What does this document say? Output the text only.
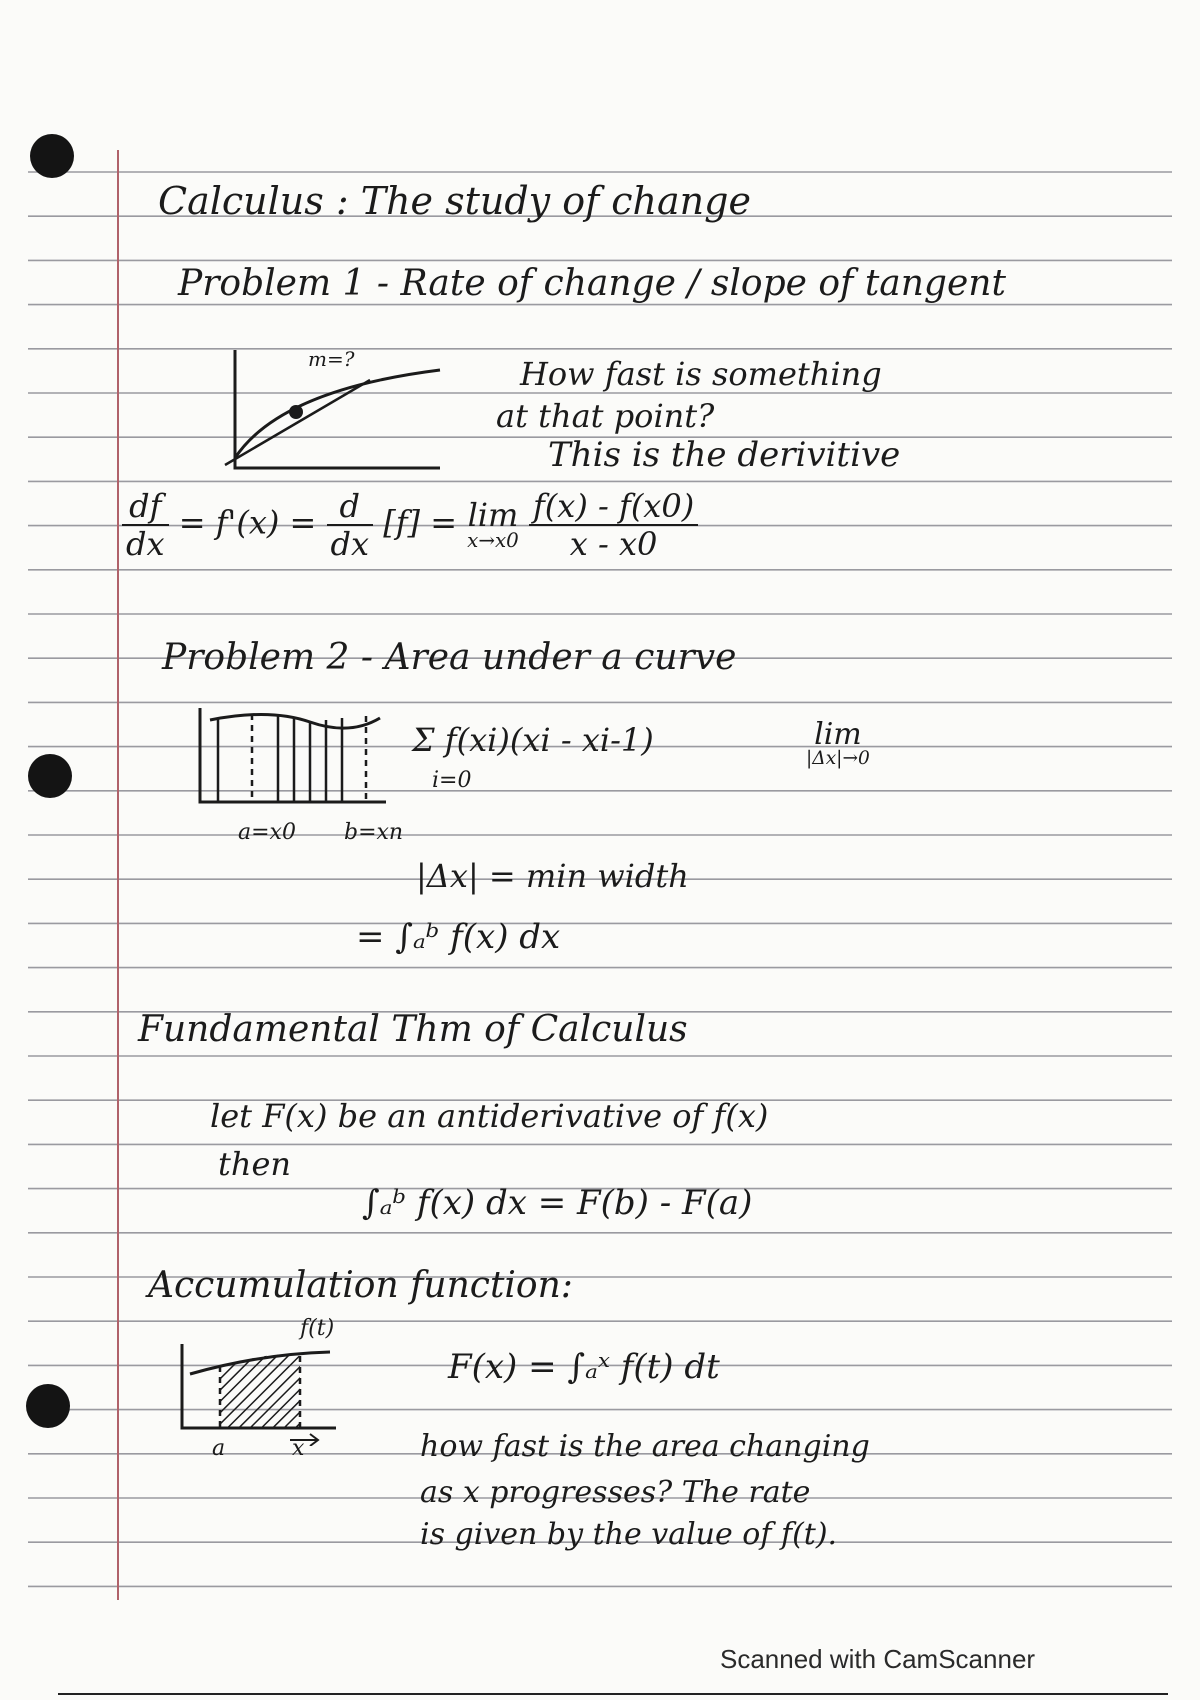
Calculus : The study of change
Problem 1 - Rate of change / slope of tangent
m=?	How fast is something
at that point?
This is the derivitive
$\frac{df}{dx} = f'(x) = \frac{d}{dx} [f] = \lim$
x→x0
$\frac{f(x) - f(x0)}{x - x0}$
Problem 2 - Area under a curve
a=x0 b=xn
Σ f(xi)(xi - xi-1)
i=0
lim
|Δx|→0
|Δx| = min width
= ∫ₐᵇ f(x) dx
Fundamental Thm of Calculus
let F(x) be an antiderivative of f(x)
then
∫ₐᵇ f(x) dx = F(b) - F(a)
Accumulation function:
f(t)
a	x
F(x) = ∫ₐˣ f(t) dt
how fast is the area changing
as x progresses? The rate
is given by the value of f(t).
Scanned with CamScanner
